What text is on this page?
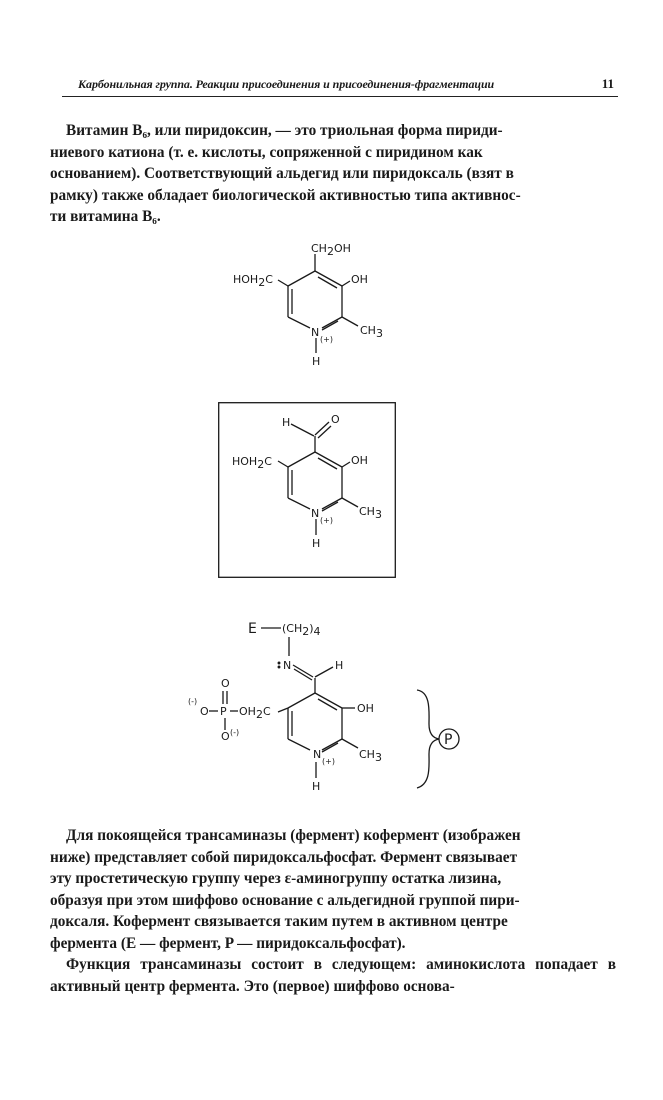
Карбонильная группа. Реакции присоединения и присоединения-фрагментации	11

Витамин B₆, или пиридоксин, — это триольная форма пириди-
ниевого катиона (т. е. кислоты, сопряженной с пиридином как
основанием). Соответствующий альдегид или пиридоксаль (взят в
рамку) также обладает биологической активностью типа активнос-
ти витамина B₆.

CH2OH
HOH2C	OH
CH3
N
(+)
H
H	O
HOH2C	OH
CH3
N
(+)
H
E (CH2)4
N	H
OH
CH3
N
(+)
H
O
(-)
O P OH2C
O (-)	P

Для покоящейся трансаминазы (фермент) кофермент (изображен
ниже) представляет собой пиридоксальфосфат. Фермент связывает
эту простетическую группу через ε-аминогруппу остатка лизина,
образуя при этом шиффово основание с альдегидной группой пири-
доксаля. Кофермент связывается таким путем в активном центре
фермента (E — фермент, P — пиридоксальфосфат).

Функция трансаминазы состоит в следующем: аминокислота попадает в активный центр фермента. Это (первое) шиффово основа-
